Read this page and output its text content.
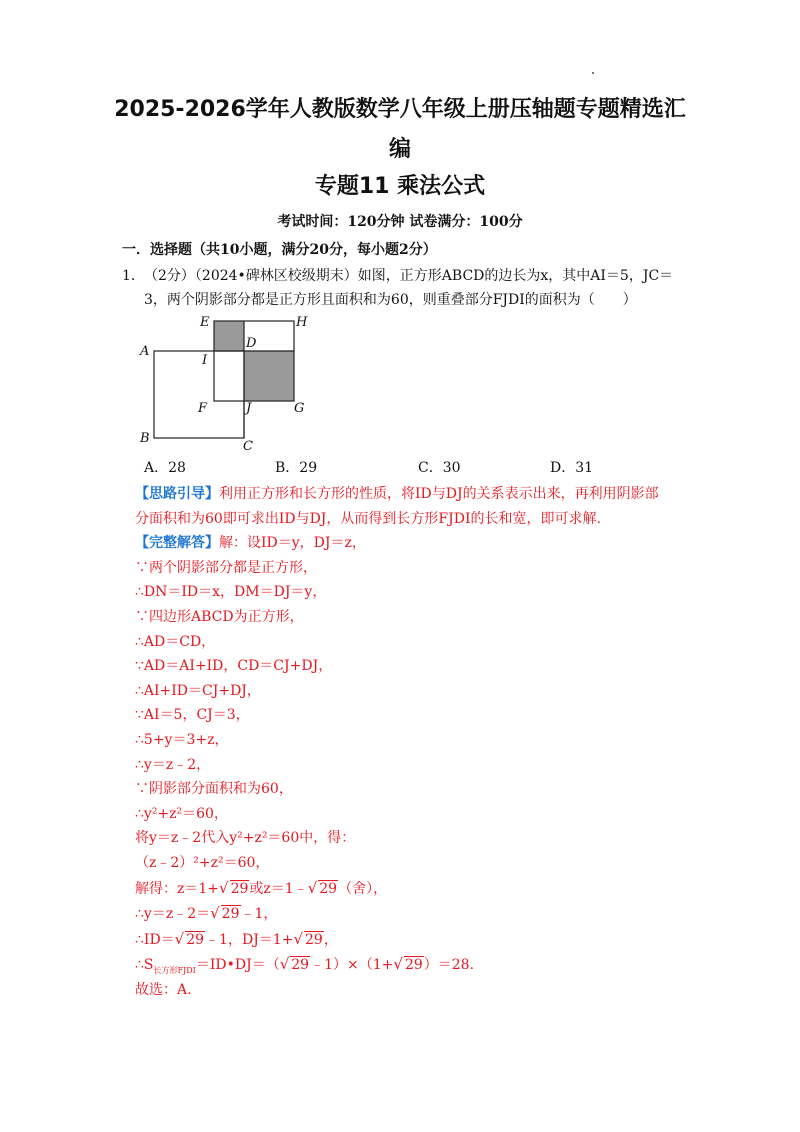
2025-2026学年人教版数学八年级上册压轴题专题精选汇
编
专题11 乘法公式
考试时间：120分钟 试卷满分：100分
一．选择题（共10小题，满分20分，每小题2分）
1．（2分）（2024•碑林区校级期末）如图，正方形ABCD的边长为x，其中AI＝5，JC＝
3，两个阴影部分都是正方形且面积和为60，则重叠部分FJDI的面积为（　　）
E	H
A
D
I
F	J	G
B
C
A．28	B．29	C．30	D．31
【思路引导】利用正方形和长方形的性质，将ID与DJ的关系表示出来，再利用阴影部
分面积和为60即可求出ID与DJ，从而得到长方形FJDI的长和宽，即可求解.
【完整解答】解：设ID＝y，DJ＝z，
∵两个阴影部分都是正方形，
∴DN＝ID＝x，DM＝DJ＝y，
∵四边形ABCD为正方形，
∴AD＝CD，
∵AD＝AI+ID，CD＝CJ+DJ，
∴AI+ID＝CJ+DJ，
∵AI＝5，CJ＝3，
∴5+y＝3+z，
∴y＝z﹣2，
∵阴影部分面积和为60，
∴y²+z²＝60，
将y＝z﹣2代入y²+z²＝60中，得：
（z﹣2）²+z²＝60，
解得：z＝1+√ 29或z＝1﹣√ 29（舍），
∴y＝z﹣2＝√ 29﹣1，
∴ID＝√ 29﹣1，DJ＝1+√ 29，
$\therefore S_{长方形FJDI}=ID•DJ=(√$ 29﹣1）×（1+√ 29）＝28.
故选：A.
